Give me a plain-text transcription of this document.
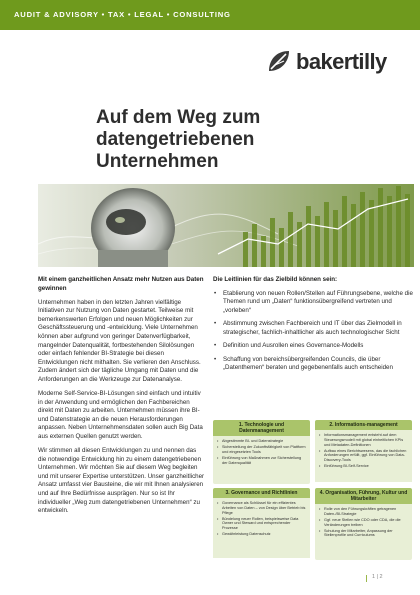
AUDIT & ADVISORY • TAX • LEGAL • CONSULTING
bakertilly
Auf dem Weg zum datengetriebenen
Unternehmen
Mit einem ganzheitlichen Ansatz mehr Nutzen aus Daten gewinnen
Unternehmen haben in den letzten Jahren vielfältige Initiativen zur Nutzung von Daten gestartet. Teilweise mit bemerkenswerten Erfolgen und neuen Möglichkeiten zur Geschäftssteuerung und -entwicklung. Viele Unternehmen können aber aufgrund von geringer Datenverfügbarkeit, mangelnder Datenqualität, fortbestehenden Silolösungen oder einfach fehlender BI-Strategie bei diesen Entwicklungen nicht mithalten. Sie verlieren den Anschluss. Zudem ändert sich der tägliche Umgang mit Daten und die Anforderungen an die Werkzeuge zur Datenanalyse.
Moderne Self-Service-BI-Lösungen sind einfach und intuitiv in der Anwendung und ermöglichen den Fachbereichen direkt mit Daten zu arbeiten. Unternehmen müssen ihre BI- und Datenstrategie an die neuen Herausforderungen anpassen. Neben Unternehmensdaten sollen auch Big Data aus externen Quellen genutzt werden.
Wir stimmen all diesen Entwicklungen zu und nennen das die notwendige Entwicklung hin zu einem datengetriebenen Unternehmen. Wir möchten Sie auf diesem Weg begleiten und mit unserer Expertise unterstützen. Unser ganzheitlicher Ansatz umfasst vier Bausteine, die wir mit Ihnen analysieren und auf Ihre Bedürfnisse ausprägen. Nur so ist Ihr individueller „Weg zum datengetriebenen Unternehmen“ zu entwickeln.
Die Leitlinien für das Zielbild können sein:
• Etablierung von neuen Rollen/Stellen auf Führungsebene, welche die Themen rund um „Daten“ funktionsübergreifend vertreten und „vorleben“
• Abstimmung zwischen Fachbereich und IT über das Zielmodell in strategischer, fachlich-inhaltlicher als auch technologischer Sicht
• Definition und Ausrollen eines Governance-Modells
• Schaffung von bereichsübergreifenden Councils, die über „Datenthemen“ beraten und gegebenenfalls auch entscheiden
1. Technologie und Datenmanagement
• Abgestimmte BI- und Datenstrategie
• Sicherstellung der Zukunftsfähigkeit von Plattform und eingesetzten Tools
• Einführung von Maßnahmen zur Sicherstellung der Datenqualität
2. Informations-management
• Informationsmanagement entsteht auf dem Steuerungsmodell mit global einheitlichen KPIs und Metadaten-Definitionen
• Aufbau eines Berichtswesens, das die fachlichen Anforderungen erfüllt, ggf. Einführung von Data-Discovery-Tools
• Einführung BI-Self-Service
3. Governance und Richtlinien
• Governance als Schlüssel für ein effizientes Arbeiten von Daten – von Design über Betrieb bis Pflege
• Bündelung neuer Rollen, beispielsweise Data Owner und Steward und entsprechender Prozesse
• Gewährleistung Datenschutz
4. Organisation, Führung, Kultur und Mitarbeiter
• Rolle von den Führungskräften getragenen Daten-/BI-Strategie
• Ggf. neue Stellen wie CDO oder CDA, die die Veränderungen treiben
• Schulung der Mitarbeiter, Anpassung der Stellenprofile und Curriculums
1 | 2
